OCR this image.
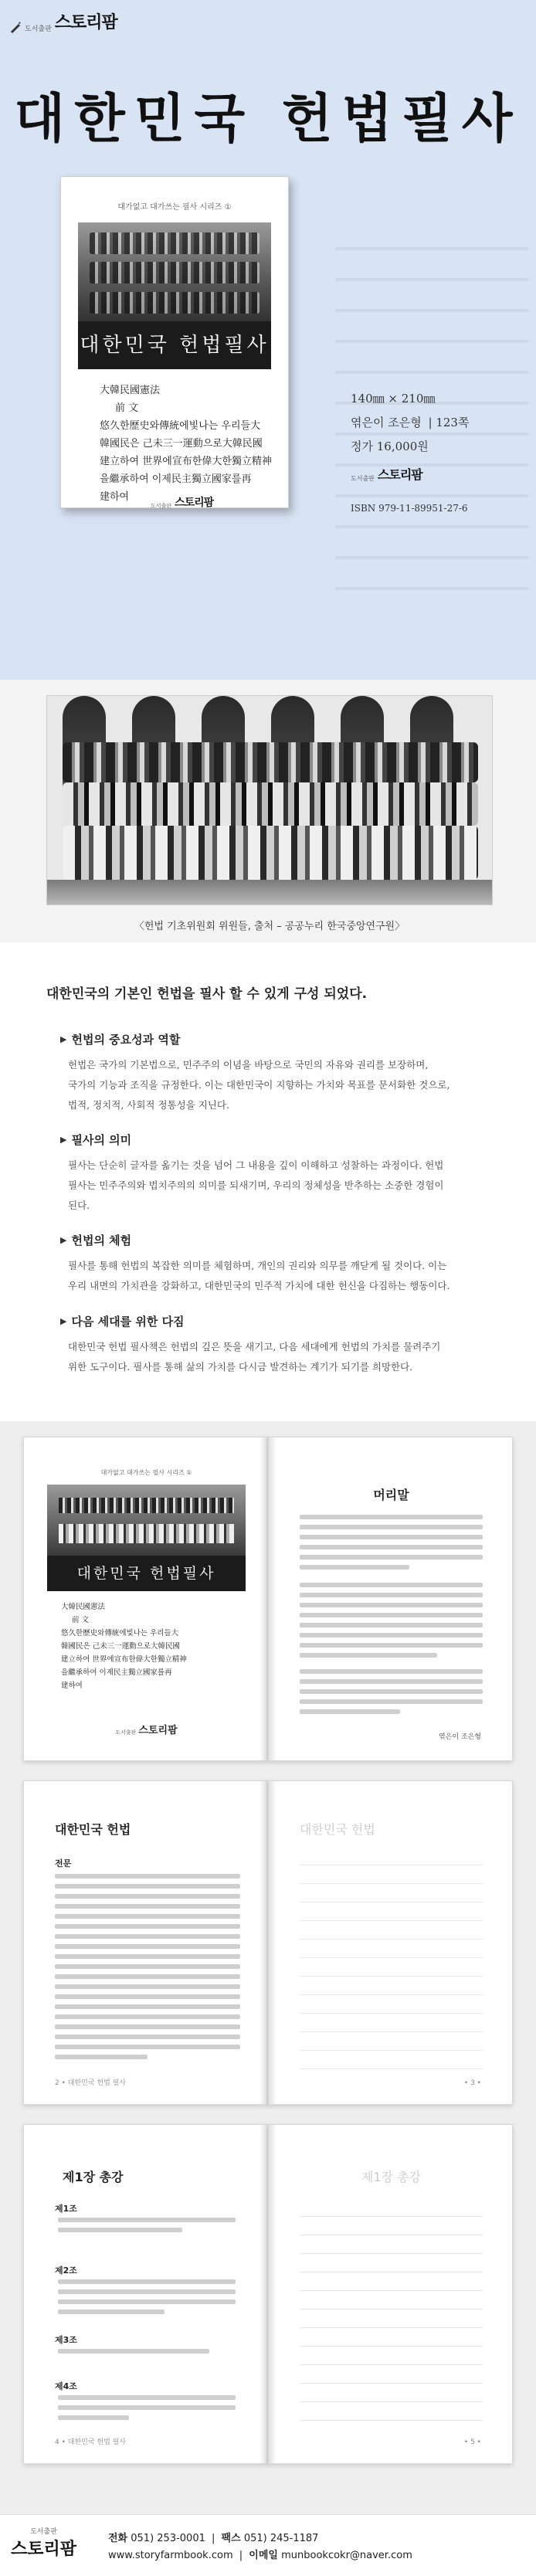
도서출판 스토리팜
대한민국 헌법필사
대가없고 대가쓰는 필사 시리즈 ①
대한민국 헌법필사
大韓民國憲法
前 文
悠久한歷史와傳統에빛나는 우리들大
韓國民은 己未三一運動으로大韓民國
建立하여 世界에宣布한偉大한獨立精神
을繼承하여 이제民主獨立國家를再
建하여
도서출판 스토리팜
140㎜ × 210㎜
엮은이 조은형 | 123쪽
정가 16,000원
도서출판 스토리팜
ISBN 979-11-89951-27-6
〈헌법 기초위원회 위원들, 출처 – 공공누리 한국중앙연구원〉
대한민국의 기본인 헌법을 필사 할 수 있게 구성 되었다.
▶ 헌법의 중요성과 역할

헌법은 국가의 기본법으로, 민주주의 이념을 바탕으로 국민의 자유와 권리를 보장하며,

국가의 기능과 조직을 규정한다. 이는 대한민국이 지향하는 가치와 목표를 문서화한 것으로,

법적, 정치적, 사회적 정통성을 지닌다.

▶ 필사의 의미

필사는 단순히 글자를 옮기는 것을 넘어 그 내용을 깊이 이해하고 성찰하는 과정이다. 헌법

필사는 민주주의와 법치주의의 의미를 되새기며, 우리의 정체성을 반추하는 소중한 경험이

된다.

▶ 헌법의 체험

필사를 통해 헌법의 복잡한 의미를 체험하며, 개인의 권리와 의무를 깨닫게 될 것이다. 이는

우리 내면의 가치관을 강화하고, 대한민국의 민주적 가치에 대한 헌신을 다짐하는 행동이다.

▶ 다음 세대를 위한 다짐

대한민국 헌법 필사책은 헌법의 깊은 뜻을 새기고, 다음 세대에게 헌법의 가치를 물려주기

위한 도구이다. 필사를 통해 삶의 가치를 다시금 발견하는 계기가 되기를 희망한다.

대가없고 대가쓰는 필사 시리즈 ①
대한민국 헌법필사
大韓民國憲法
前 文
悠久한歷史와傳統에빛나는 우리들大
韓國民은 己未三一運動으로大韓民國
建立하여 世界에宣布한偉大한獨立精神
을繼承하여 이제民主獨立國家를再
建하여
도서출판 스토리팜
머리말
엮은이 조은형
대한민국 헌법
전문
2 • 대한민국 헌법 필사
대한민국 헌법
• 3 •
제1장 총강
제1조
제2조
제3조
제4조
4 • 대한민국 헌법 필사
제1장 총강
• 5 •
도서출판
스토리팜
전화 051) 253-0001 | 팩스 051) 245-1187
www.storyfarmbook.com | 이메일 munbookcokr@naver.com
